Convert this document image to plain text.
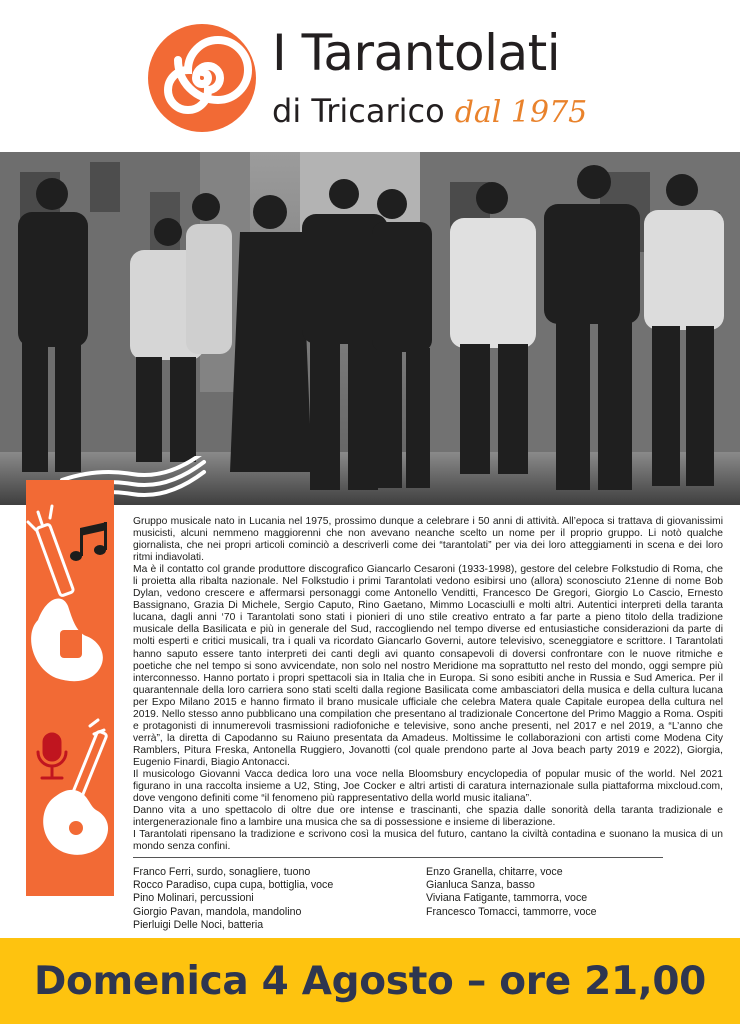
I Tarantolati
di Tricarico dal 1975

Gruppo musicale nato in Lucania nel 1975, prossimo dunque a celebrare i 50 anni di attività. All’epoca si trattava di giovanissimi musicisti, alcuni nemmeno maggiorenni che non avevano neanche scelto un nome per il proprio gruppo. Li notò qualche giornalista, che nei propri articoli cominciò a descriverli come dei “tarantolati” per via dei loro atteggiamenti in scena e dei loro ritmi indiavolati.

Ma è il contatto col grande produttore discografico Giancarlo Cesaroni (1933-1998), gestore del celebre Folkstudio di Roma, che li proietta alla ribalta nazionale. Nel Folkstudio i primi Tarantolati vedono esibirsi uno (allora) sconosciuto 21enne di nome Bob Dylan, vedono crescere e affermarsi personaggi come Antonello Venditti, Francesco De Gregori, Giorgio Lo Cascio, Ernesto Bassignano, Grazia Di Michele, Sergio Caputo, Rino Gaetano, Mimmo Locasciulli e molti altri. Autentici interpreti della taranta lucana, dagli anni ‘70 i Tarantolati sono stati i pionieri di uno stile creativo entrato a far parte a pieno titolo della tradizione musicale della Basilicata e più in generale del Sud, raccogliendo nel tempo diverse ed entusiastiche considerazioni da parte di molti esperti e critici musicali, tra i quali va ricordato Giancarlo Governi, autore televisivo, sceneggiatore e scrittore. I Tarantolati hanno saputo essere tanto interpreti dei canti degli avi quanto consapevoli di doversi confrontare con le nuove ritmiche e poetiche che nel tempo si sono avvicendate, non solo nel nostro Meridione ma soprattutto nel resto del mondo, oggi sempre più interconnesso. Hanno portato i propri spettacoli sia in Italia che in Europa. Si sono esibiti anche in Russia e Sud America. Per il quarantennale della loro carriera sono stati scelti dalla regione Basilicata come ambasciatori della musica e della cultura lucana per Expo Milano 2015 e hanno firmato il brano musicale ufficiale che celebra Matera quale Capitale europea della cultura nel 2019. Nello stesso anno pubblicano una compilation che presentano al tradizionale Concertone del Primo Maggio a Roma. Ospiti e protagonisti di innumerevoli trasmissioni radiofoniche e televisive, sono anche presenti, nel 2017 e nel 2019, a “L’anno che verrà”, la diretta di Capodanno su Raiuno presentata da Amadeus. Moltissime le collaborazioni con artisti come Modena City Ramblers, Pitura Freska, Antonella Ruggiero, Jovanotti (col quale prendono parte al Jova beach party 2019 e 2022), Giorgia, Eugenio Finardi, Biagio Antonacci.

Il musicologo Giovanni Vacca dedica loro una voce nella Bloomsbury encyclopedia of popular music of the world. Nel 2021 figurano in una raccolta insieme a U2, Sting, Joe Cocker e altri artisti di caratura internazionale sulla piattaforma mixcloud.com, dove vengono definiti come “il fenomeno più rappresentativo della world music italiana”.

Danno vita a uno spettacolo di oltre due ore intense e trascinanti, che spazia dalle sonorità della taranta tradizionale e intergenerazionale fino a lambire una musica che sa di possessione e insieme di liberazione.

I Tarantolati ripensano la tradizione e scrivono così la musica del futuro, cantano la civiltà contadina e suonano la musica di un mondo senza confini.

Franco Ferri, surdo, sonagliere, tuono
Rocco Paradiso, cupa cupa, bottiglia, voce
Pino Molinari, percussioni
Giorgio Pavan, mandola, mandolino
Pierluigi Delle Noci, batteria
Enzo Granella, chitarre, voce
Gianluca Sanza, basso
Viviana Fatigante, tammorra, voce
Francesco Tomacci, tammorre, voce
Domenica 4 Agosto – ore 21,00
